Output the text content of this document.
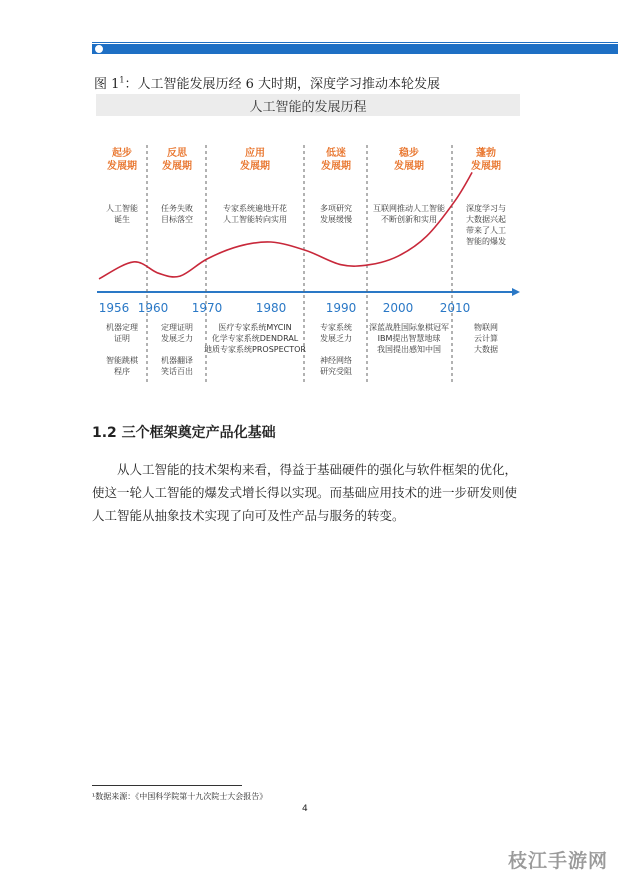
图 $1^1$：人工智能发展历经 6 大时期，深度学习推动本轮发展
人工智能的发展历程
1956 1960 1970	1980	1990 2000 2010
起步
发展期
人工智能
诞生
机器定理
证明
智能跳棋
程序
反思
发展期
任务失败
目标落空
定理证明
发展乏力
机器翻译
笑话百出
应用
发展期
专家系统遍地开花
人工智能转向实用
医疗专家系统MYCIN
化学专家系统DENDRAL
地质专家系统PROSPECTOR
低迷
发展期
多项研究
发展缓慢
专家系统
发展乏力
神经网络
研究受阻
稳步
发展期
互联网推动人工智能
不断创新和实用
深蓝战胜国际象棋冠军
IBM提出智慧地球
我国提出感知中国
蓬勃
发展期
深度学习与
大数据兴起
带来了人工
智能的爆发
物联网
云计算
大数据
1.2 三个框架奠定产品化基础

从人工智能的技术架构来看，得益于基础硬件的强化与软件框架的优化，使这一轮人工智能的爆发式增长得以实现。而基础应用技术的进一步研发则使人工智能从抽象技术实现了向可及性产品与服务的转变。

¹数据来源：《中国科学院第十九次院士大会报告》
4
枝江手游网
